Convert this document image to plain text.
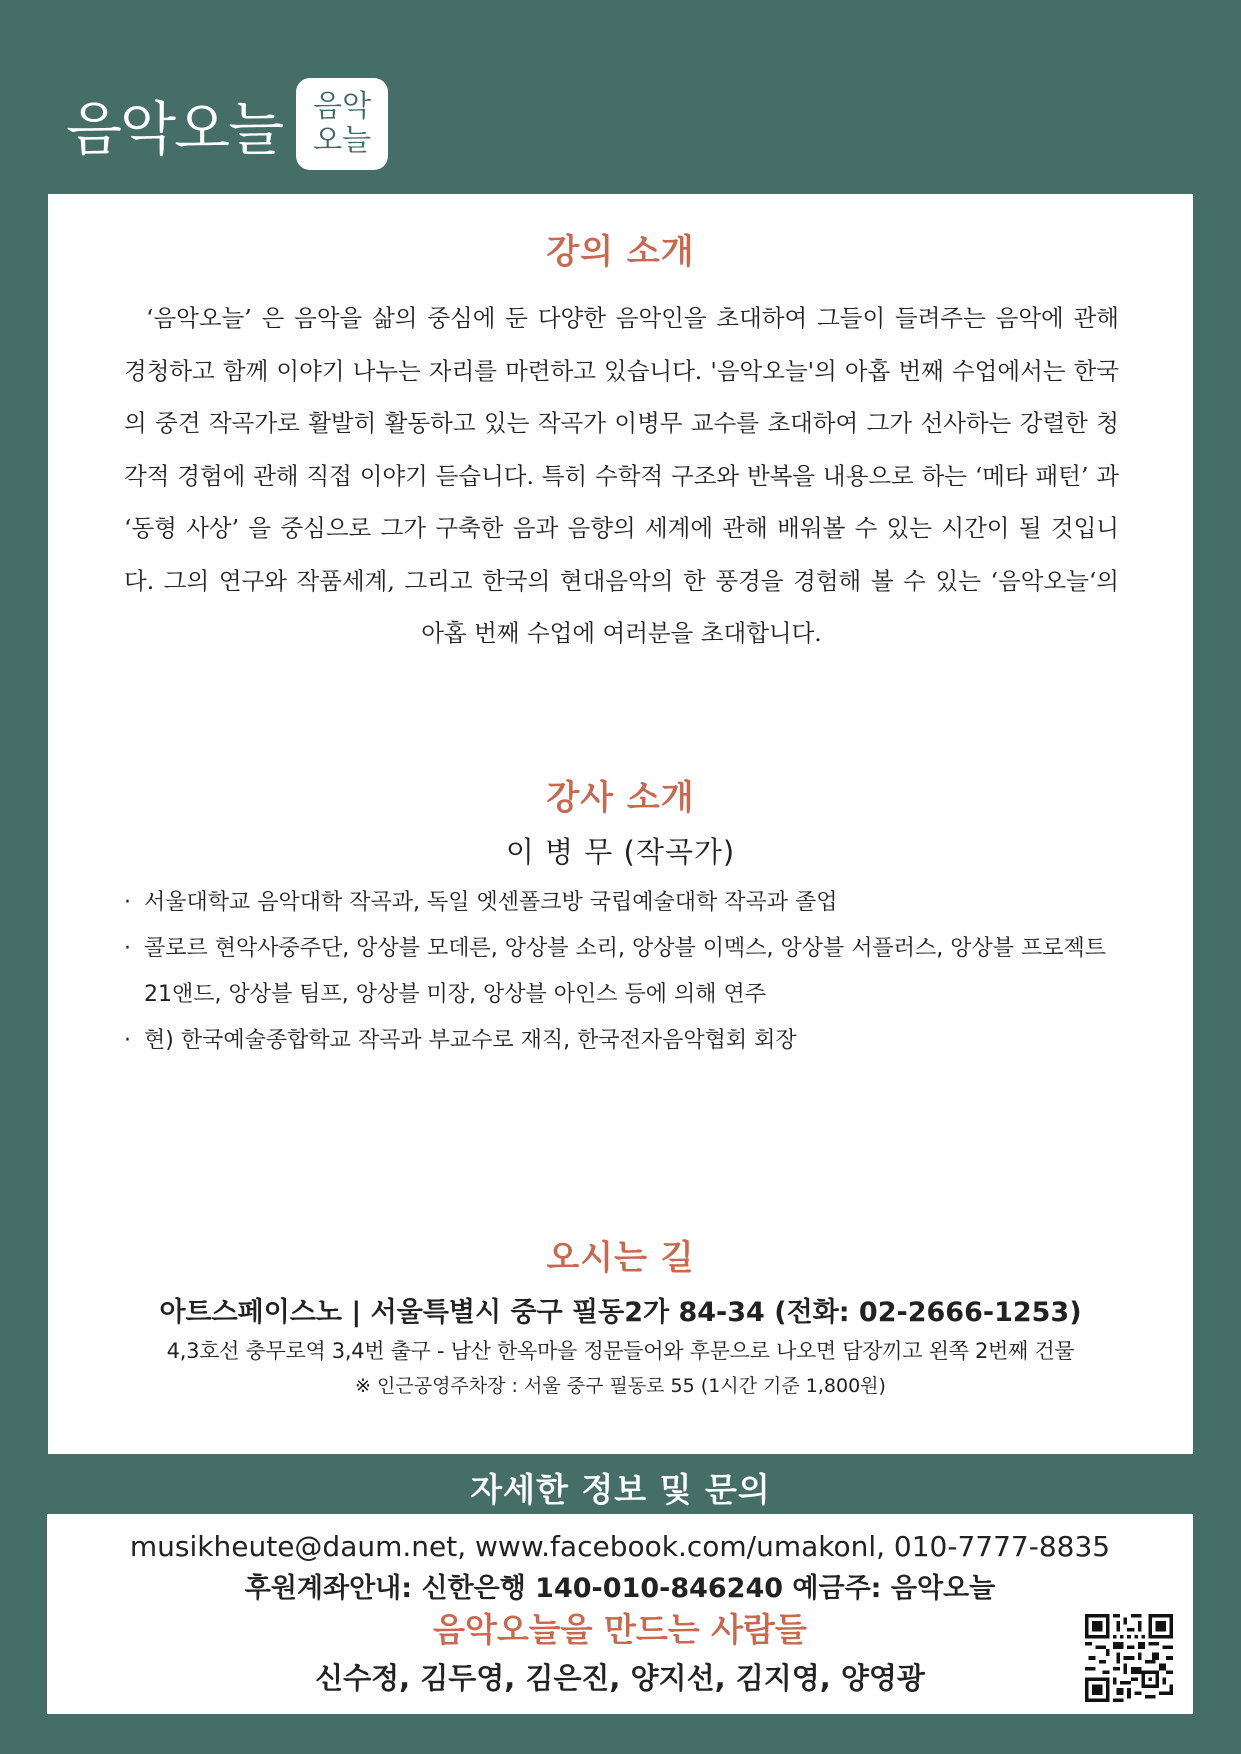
음악오늘 음악
오늘
강의 소개

‘음악오늘’ 은 음악을 삶의 중심에 둔 다양한 음악인을 초대하여 그들이 들려주는 음악에 관해 경청하고 함께 이야기 나누는 자리를 마련하고 있습니다. '음악오늘'의 아홉 번째 수업에서는 한국의 중견 작곡가로 활발히 활동하고 있는 작곡가 이병무 교수를 초대하여 그가 선사하는 강렬한 청각적 경험에 관해 직접 이야기 듣습니다. 특히 수학적 구조와 반복을 내용으로 하는 ‘메타 패턴’ 과 ‘동형 사상’ 을 중심으로 그가 구축한 음과 음향의 세계에 관해 배워볼 수 있는 시간이 될 것입니다. 그의 연구와 작품세계, 그리고 한국의 현대음악의 한 풍경을 경험해 볼 수 있는 ‘음악오늘‘의 아홉 번째 수업에 여러분을 초대합니다.

강사 소개
이 병 무 (작곡가)
· 서울대학교 음악대학 작곡과, 독일 엣센폴크방 국립예술대학 작곡과 졸업
· 콜로르 현악사중주단, 앙상블 모데른, 앙상블 소리, 앙상블 이멕스, 앙상블 서플러스, 앙상블 프로젝트21앤드, 앙상블 팀프, 앙상블 미장, 앙상블 아인스 등에 의해 연주
· 현) 한국예술종합학교 작곡과 부교수로 재직, 한국전자음악협회 회장
오시는 길
아트스페이스노 | 서울특별시 중구 필동2가 84-34 (전화: 02-2666-1253)
4,3호선 충무로역 3,4번 출구 - 남산 한옥마을 정문들어와 후문으로 나오면 담장끼고 왼쪽 2번째 건물
※ 인근공영주차장 : 서울 중구 필동로 55 (1시간 기준 1,800원)
자세한 정보 및 문의
musikheute@daum.net, www.facebook.com/umakonl, 010-7777-8835
후원계좌안내: 신한은행 140-010-846240 예금주: 음악오늘
음악오늘을 만드는 사람들
신수정, 김두영, 김은진, 양지선, 김지영, 양영광
